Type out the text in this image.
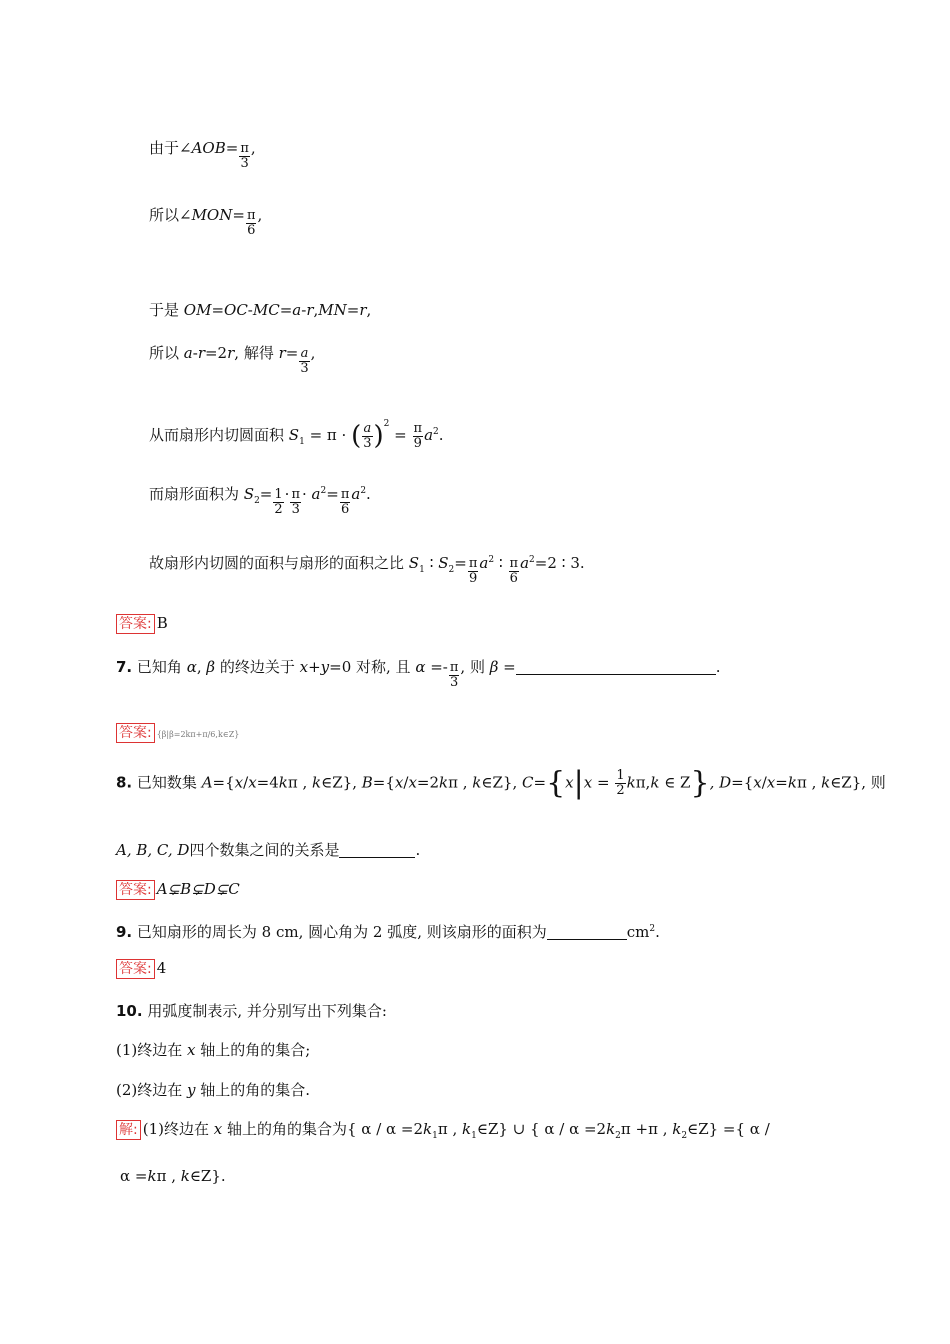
由于∠AOB= $\frac{\pi}{3}$ ,
所以∠MON= $\frac{\pi}{6}$ ,
于是 OM=OC-MC=a-r,MN=r,
所以 a-r=2r, 解得 $r= \frac{a}{3}$ ,
从而扇形内切圆面积 $S_1 = \pi$ · ( $\frac{a}{3} )^2 = \frac{\pi}{9} a^2$.
而扇形面积为 $S_2= \frac{1}{2} \cdot \frac{\pi}{3} \cdot a^2= \frac{\pi}{6} a^2$.
故扇形内切圆的面积与扇形的面积之比 $S_1$ ∶ $S_2= \frac{\pi}{9} a^2$ ∶ $\frac{\pi}{6} a^2=2$ ∶ 3.
答案: B
7. 已知角 α, β 的终边关于 x+y=0 对称, 且 $\alpha =- \frac{\pi}{3}$ , 则 β =	.
答案: {β|β=2kπ+π/6,k∈Z}
8. 已知数集 A={x/x=4kπ , k∈Z}, B={x/x=2kπ , k∈Z}, $C=\{x|x = \frac{1}{2} k\pi,k$ ∈ Z}, D={x/x=kπ , k∈Z}, 则
A, B, C, D四个数集之间的关系是	.
答案: A⊊B⊊D⊊C
9. 已知扇形的周长为 8 cm, 圆心角为 2 弧度, 则该扇形的面积为	$cm^2$.
答案: 4
10. 用弧度制表示, 并分别写出下列集合:
(1)终边在 x 轴上的角的集合;
(2)终边在 y 轴上的角的集合.
解: (1)终边在 x 轴上的角的集合为{ $\alpha / \alpha =2k_1\pi$ , $k_1\in Z$} ∪ { $\alpha / \alpha =2k_2\pi +\pi$ , $k_2\in Z$} ={ α /
α =kπ , k∈Z}.
